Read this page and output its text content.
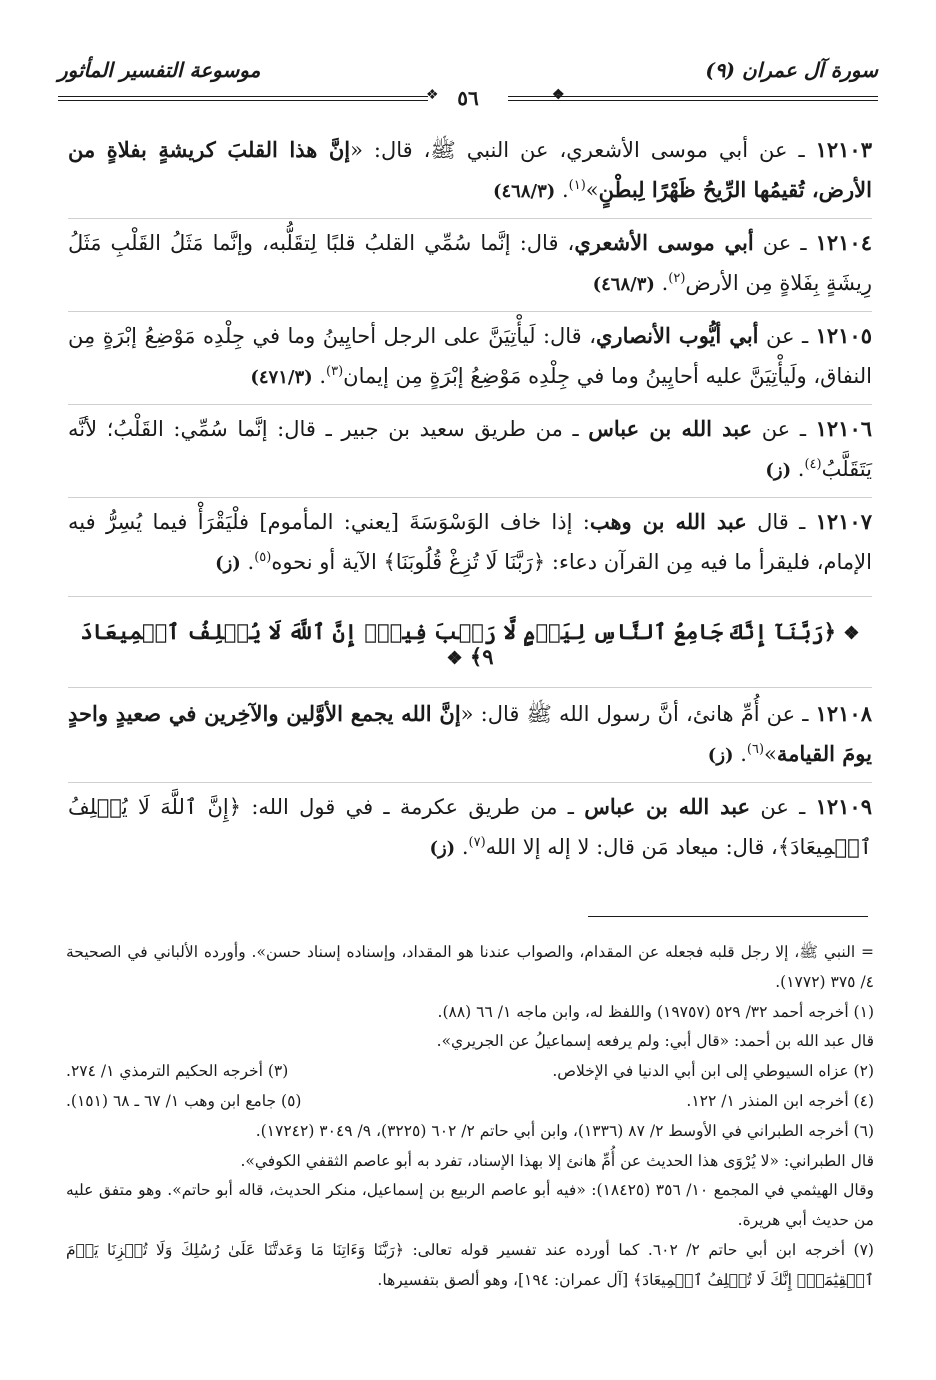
سورة آل عمران (٩)
موسوعة التفسير المأثور
❖	❖
٥٦

١٢١٠٣ ـ عن أبي موسى الأشعري، عن النبي ﷺ، قال: «إنَّ هذا القلبَ كريشةٍ بفلاةٍ من الأرض، تُقيمُها الرِّيحُ ظَهْرًا لِبطْنٍ»$^{(١)}$. (٤٦٨/٣)

١٢١٠٤ ـ عن أبي موسى الأشعري، قال: إنَّما سُمِّي القلبُ قلبًا لِتقَلُّبه، وإنَّما مَثَلُ القَلْبِ مَثَلُ رِيشَةٍ بِفَلاةٍ مِن الأرض$^{(٢)}$. (٤٦٨/٣)

١٢١٠٥ ـ عن أبي أيُّوب الأنصاري، قال: لَيأْتِيَنَّ على الرجل أحايِينُ وما في جِلْدِه مَوْضِعُ إبْرَةٍ مِن النفاق، ولَيأْتِيَنَّ عليه أحايِينُ وما في جِلْدِه مَوْضِعُ إبْرَةٍ مِن إيمان$^{(٣)}$. (٤٧١/٣)

١٢١٠٦ ـ عن عبد الله بن عباس ـ من طريق سعيد بن جبير ـ قال: إنَّما سُمِّي: القَلْبُ؛ لأنَّه يَتَقَلَّبُ$^{(٤)}$. (ز)

١٢١٠٧ ـ قال عبد الله بن وهب: إذا خاف الوَسْوَسَةَ [يعني: المأموم] فلْيَقْرَأْ فيما يُسِرُّ فيه الإمام، فليقرأ ما فيه مِن القرآن دعاء: ﴿رَبَّنَا لَا تُزِغْ قُلُوبَنَا﴾ الآية أو نحوه$^{(٥)}$. (ز)

❖ ﴿رَبَّنَآ إِنَّكَ جَامِعُ ٱلنَّاسِ لِيَوۡمٍ لَّا رَيۡبَ فِيهِۚ إِنَّ ٱللَّهَ لَا يُخۡلِفُ ٱلۡمِيعَادَ ٩﴾ ❖

١٢١٠٨ ـ عن أُمِّ هانئ، أنَّ رسول الله ﷺ قال: «إنَّ الله يجمع الأوَّلين والآخِرين في صعيدٍ واحدٍ يومَ القيامة»$^{(٦)}$. (ز)

١٢١٠٩ ـ عن عبد الله بن عباس ـ من طريق عكرمة ـ في قول الله: ﴿إِنَّ ٱللَّهَ لَا يُخۡلِفُ ٱلۡمِيعَادَ﴾، قال: ميعاد مَن قال: لا إله إلا الله$^{(٧)}$. (ز)

= النبي ﷺ، إلا رجل قلبه فجعله عن المقدام، والصواب عندنا هو المقداد، وإسناده إسناد حسن». وأورده الألباني في الصحيحة ٤/ ٣٧٥ (١٧٧٢).

(١) أخرجه أحمد ٣٢/ ٥٢٩ (١٩٧٥٧) واللفظ له، وابن ماجه ١/ ٦٦ (٨٨).

قال عبد الله بن أحمد: «قال أبي: ولم يرفعه إسماعيلُ عن الجريري».

(٢) عزاه السيوطي إلى ابن أبي الدنيا في الإخلاص.
(٣) أخرجه الحكيم الترمذي ١/ ٢٧٤.
(٤) أخرجه ابن المنذر ١/ ١٢٢.
(٥) جامع ابن وهب ١/ ٦٧ ـ ٦٨ (١٥١).

(٦) أخرجه الطبراني في الأوسط ٢/ ٨٧ (١٣٣٦)، وابن أبي حاتم ٢/ ٦٠٢ (٣٢٢٥)، ٩/ ٣٠٤٩ (١٧٢٤٢).

قال الطبراني: «لا يُرْوَى هذا الحديث عن أُمِّ هانئ إلا بهذا الإسناد، تفرد به أبو عاصم الثقفي الكوفي».

وقال الهيثمي في المجمع ١٠/ ٣٥٦ (١٨٤٢٥): «فيه أبو عاصم الربيع بن إسماعيل، منكر الحديث، قاله أبو حاتم». وهو متفق عليه من حديث أبي هريرة.

(٧) أخرجه ابن أبي حاتم ٢/ ٦٠٢. كما أورده عند تفسير قوله تعالى: ﴿رَبَّنَا وَءَاتِنَا مَا وَعَدتَّنَا عَلَىٰ رُسُلِكَ وَلَا تُخۡزِنَا يَوۡمَ ٱلۡقِيَٰمَةِۖ إِنَّكَ لَا تُخۡلِفُ ٱلۡمِيعَادَ﴾ [آل عمران: ١٩٤]، وهو ألصق بتفسيرها.
